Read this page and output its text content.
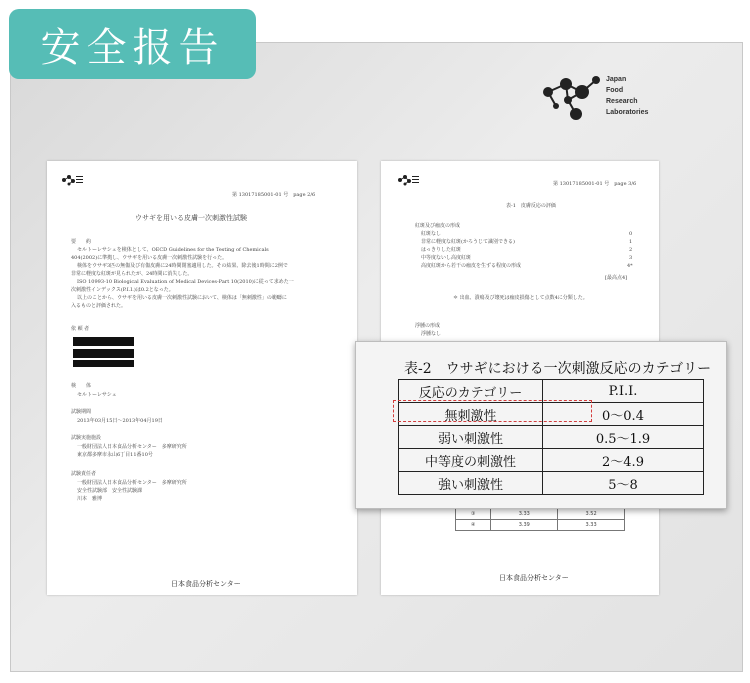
安全报告
Japan
Food
Research
Laboratories
第 13017185001-01 号　page 2/6
ウサギを用いる皮膚一次刺激性試験
要　　約
セルトーレサシェを検体として、OECD Guidelines for the Testing of Chemicals
404(2002)に準拠し、ウサギを用いる皮膚一次刺激性試験を行った。
検体をウサギ3匹の無傷及び有傷皮膚に24時間閉塞適用した。その結果、除去後1時間に2例で
非常に軽度な紅斑が見られたが、24時間に消失した。
ISO 10993-10 Biological Evaluation of Medical Devices-Part 10(2010)に従って求めた一
次刺激性インデックス(P.I.I.)は0.2となった。
以上のことから、ウサギを用いる皮膚一次刺激性試験において、検体は「無刺激性」の範疇に
入るものと評価された。
依 頼 者
検　　体
セルトーレサシェ
試験期間
2013年03月15日～2013年04月19日
試験実施施設
一般財団法人日本食品分析センター　多摩研究所
東京都多摩市永山6丁目11番10号
試験責任者
一般財団法人日本食品分析センター　多摩研究所
安全性試験部　安全性試験課
川本　雅博
日本食品分析センター
第 13017185001-01 号　page 3/6
表-1　皮膚反応の評価
紅斑及び痂皮の形成
紅斑なし	0
非常に軽度な紅斑(かろうじて識別できる)	1
はっきりした紅斑	2
中等度ないし高度紅斑	3
高度紅斑から若干の痂皮を生ずる程度の形成	4*
[最高点4]
＊ 出血、潰瘍及び壊死は痂皮損傷として点数4に分類した。
浮腫の形成
浮腫なし
日本食品分析センター
③	3.33	3.52
④	3.39	3.33
表-2　ウサギにおける一次刺激反応のカテゴリー
反応のカテゴリー	P.I.I.
無刺激性	0～0.4
弱い刺激性	0.5～1.9
中等度の刺激性	2～4.9
強い刺激性	5～8
